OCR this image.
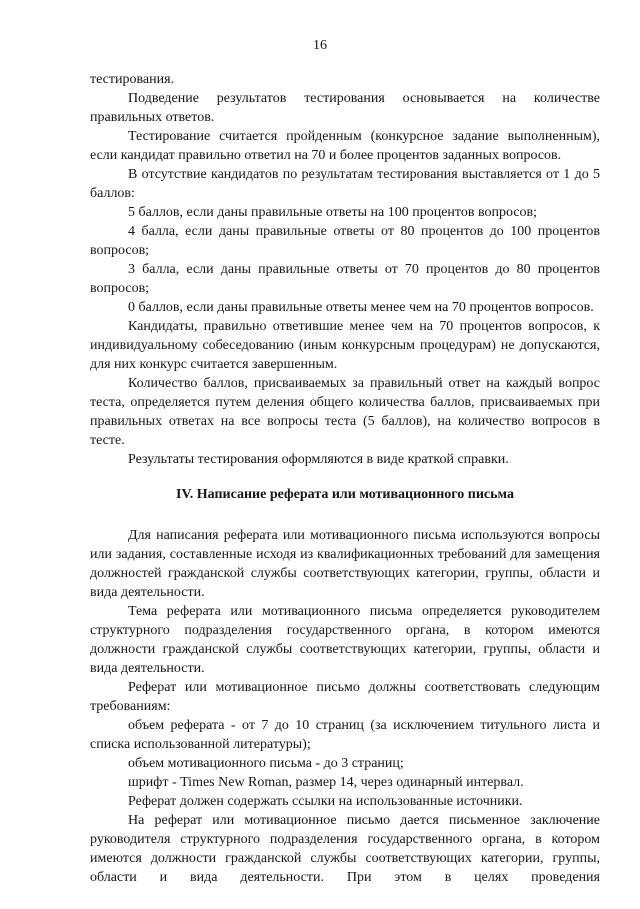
16

тестирования.

Подведение результатов тестирования основывается на количестве правильных ответов.

Тестирование считается пройденным (конкурсное задание выполненным), если кандидат правильно ответил на 70 и более процентов заданных вопросов.

В отсутствие кандидатов по результатам тестирования выставляется от 1 до 5 баллов:

5 баллов, если даны правильные ответы на 100 процентов вопросов;

4 балла, если даны правильные ответы от 80 процентов до 100 процентов вопросов;

3 балла, если даны правильные ответы от 70 процентов до 80 процентов вопросов;

0 баллов, если даны правильные ответы менее чем на 70 процентов вопросов.

Кандидаты, правильно ответившие менее чем на 70 процентов вопросов, к индивидуальному собеседованию (иным конкурсным процедурам) не допускаются, для них конкурс считается завершенным.

Количество баллов, присваиваемых за правильный ответ на каждый вопрос теста, определяется путем деления общего количества баллов, присваиваемых при правильных ответах на все вопросы теста (5 баллов), на количество вопросов в тесте.

Результаты тестирования оформляются в виде краткой справки.

IV. Написание реферата или мотивационного письма

Для написания реферата или мотивационного письма используются вопросы или задания, составленные исходя из квалификационных требований для замещения должностей гражданской службы соответствующих категории, группы, области и вида деятельности.

Тема реферата или мотивационного письма определяется руководителем структурного подразделения государственного органа, в котором имеются должности гражданской службы соответствующих категории, группы, области и вида деятельности.

Реферат или мотивационное письмо должны соответствовать следующим требованиям:

объем реферата - от 7 до 10 страниц (за исключением титульного листа и списка использованной литературы);

объем мотивационного письма - до 3 страниц;

шрифт - Times New Roman, размер 14, через одинарный интервал.

Реферат должен содержать ссылки на использованные источники.

На реферат или мотивационное письмо дается письменное заключение руководителя структурного подразделения государственного органа, в котором имеются должности гражданской службы соответствующих категории, группы, области и вида деятельности. При этом в целях проведения
